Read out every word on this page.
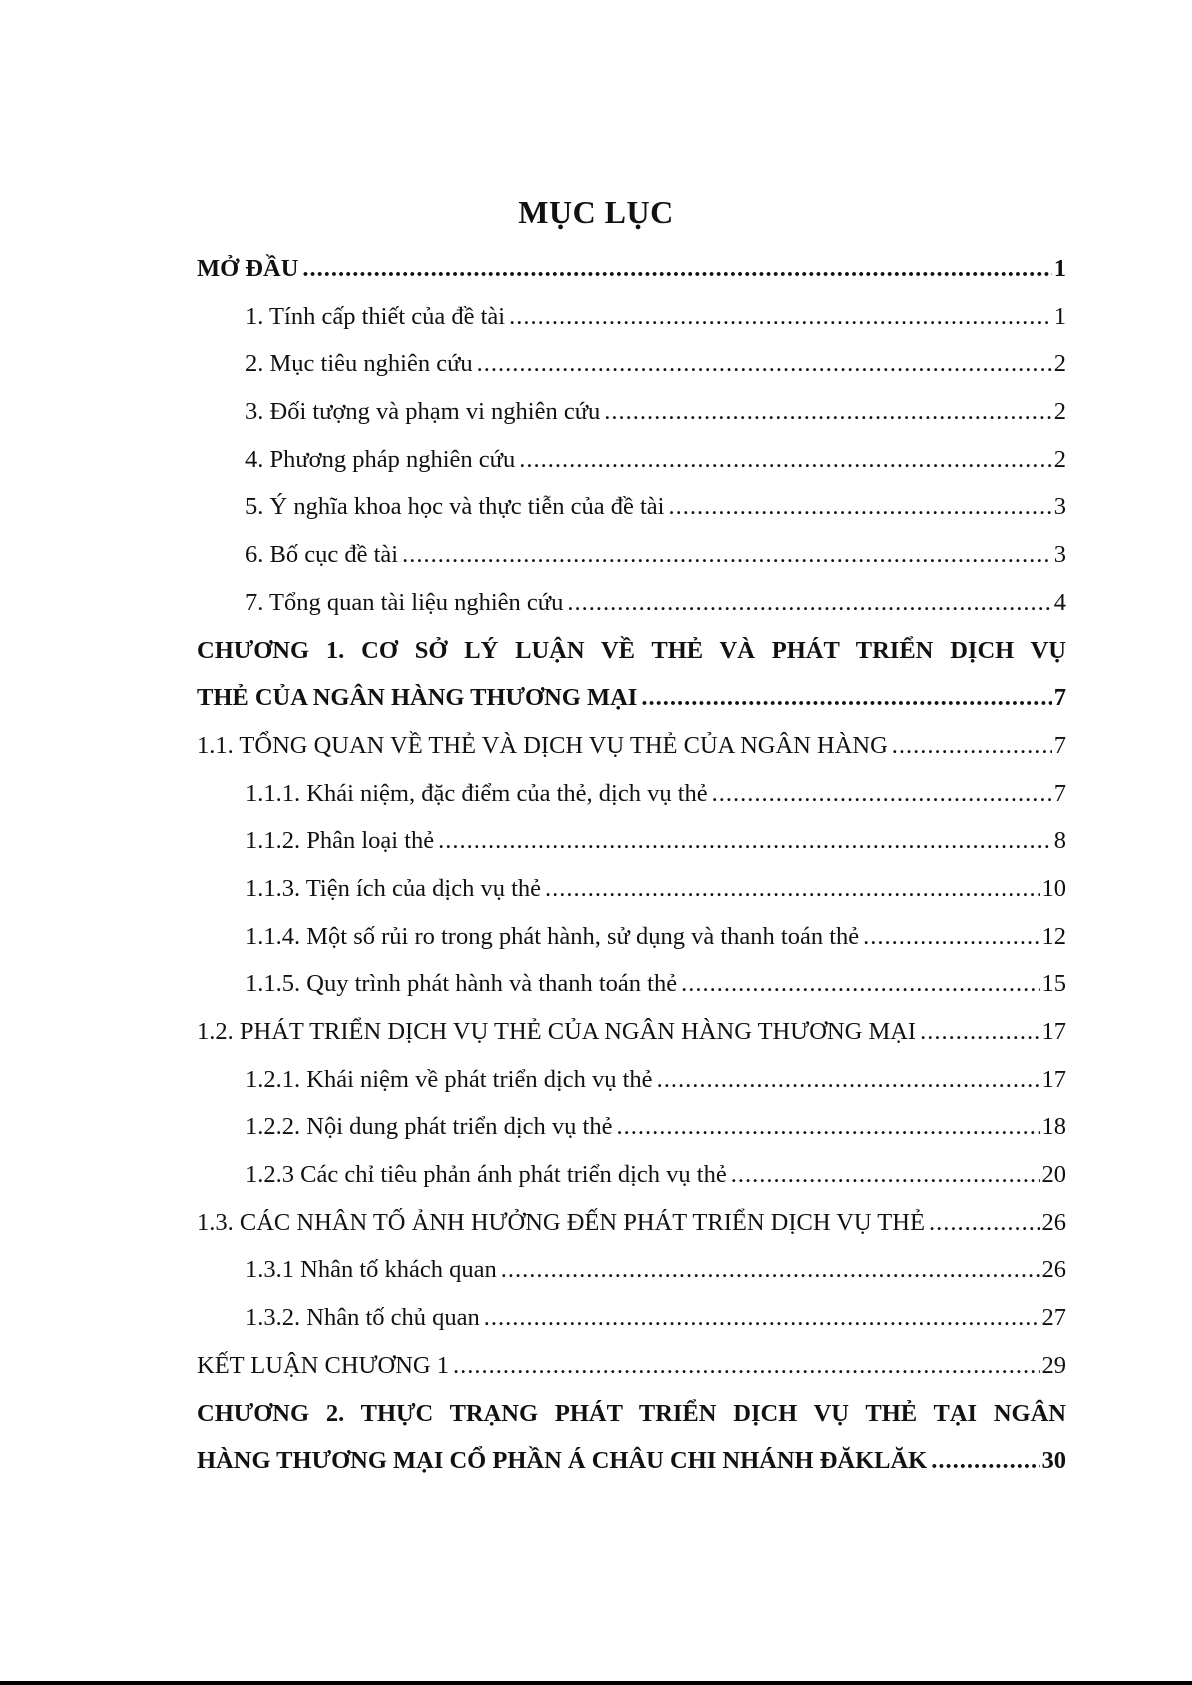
MỤC LỤC
MỞ ĐẦU .....	1
1. Tính cấp thiết của đề tài .....	1
2. Mục tiêu nghiên cứu .....	2
3. Đối tượng và phạm vi nghiên cứu .....	2
4. Phương pháp nghiên cứu .....	2
5. Ý nghĩa khoa học và thực tiễn của đề tài .....	3
6. Bố cục đề tài .....	3
7. Tổng quan tài liệu nghiên cứu .....	4
CHƯƠNG 1. CƠ SỞ LÝ LUẬN VỀ THẺ VÀ PHÁT TRIỂN DỊCH VỤ
THẺ CỦA NGÂN HÀNG THƯƠNG MẠI .....	7
1.1. TỔNG QUAN VỀ THẺ VÀ DỊCH VỤ THẺ CỦA NGÂN HÀNG .....	7
1.1.1. Khái niệm, đặc điểm của thẻ, dịch vụ thẻ .....	7
1.1.2. Phân loại thẻ .....	8
1.1.3. Tiện ích của dịch vụ thẻ .....	10
1.1.4. Một số rủi ro trong phát hành, sử dụng và thanh toán thẻ .....	12
1.1.5. Quy trình phát hành và thanh toán thẻ .....	15
1.2. PHÁT TRIỂN DỊCH VỤ THẺ CỦA NGÂN HÀNG THƯƠNG MẠI .....	17
1.2.1. Khái niệm về phát triển dịch vụ thẻ .....	17
1.2.2. Nội dung phát triển dịch vụ thẻ .....	18
1.2.3 Các chỉ tiêu phản ánh phát triển dịch vụ thẻ .....	20
1.3. CÁC NHÂN TỐ ẢNH HƯỞNG ĐẾN PHÁT TRIỂN DỊCH VỤ THẺ .....	26
1.3.1 Nhân tố khách quan .....	26
1.3.2. Nhân tố chủ quan .....	27
KẾT LUẬN CHƯƠNG 1 .....	29
CHƯƠNG 2. THỰC TRẠNG PHÁT TRIỂN DỊCH VỤ THẺ TẠI NGÂN
HÀNG THƯƠNG MẠI CỔ PHẦN Á CHÂU CHI NHÁNH ĐĂKLĂK .....	30
